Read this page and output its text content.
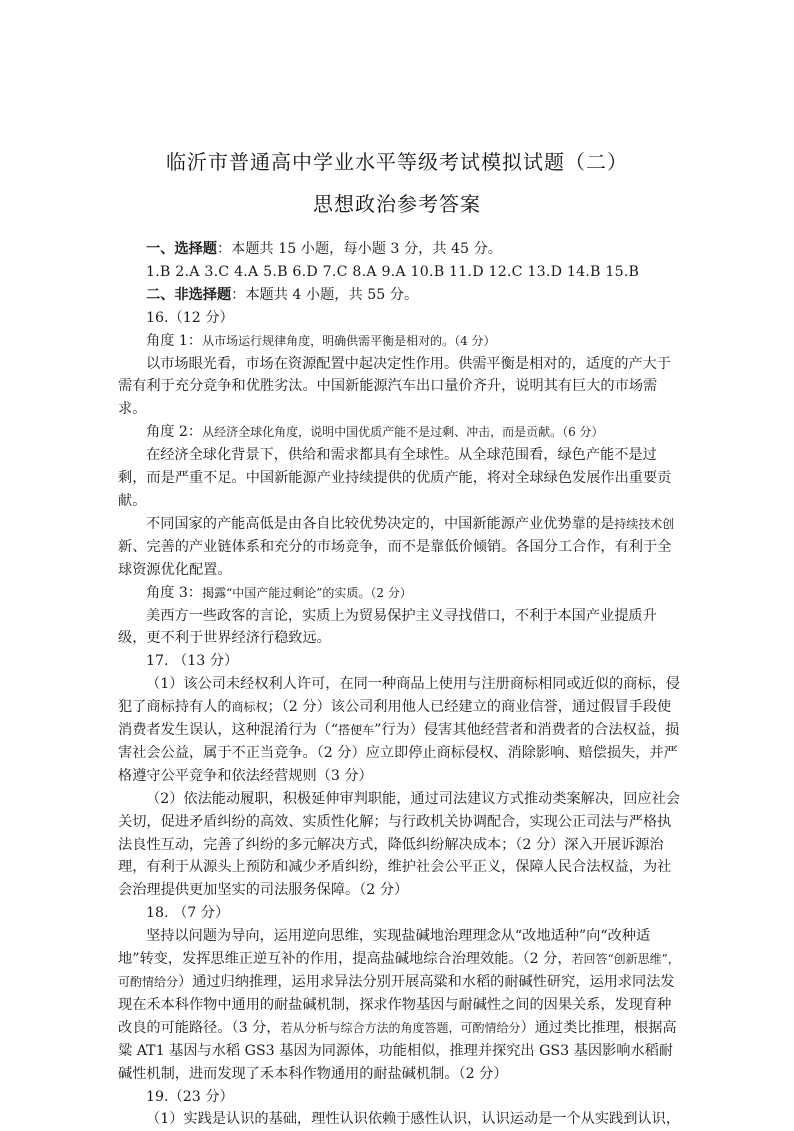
临沂市普通高中学业水平等级考试模拟试题（二）
思想政治参考答案

一、选择题：本题共 15 小题，每小题 3 分，共 45 分。

1.B 2.A 3.C 4.A 5.B 6.D 7.C 8.A 9.A 10.B 11.D 12.C 13.D 14.B 15.B

二、非选择题：本题共 4 小题，共 55 分。

16.（12 分）

角度 1：从市场运行规律角度，明确供需平衡是相对的。（4 分）

以市场眼光看，市场在资源配置中起决定性作用。供需平衡是相对的，适度的产大于需有利于充分竞争和优胜劣汰。中国新能源汽车出口量价齐升，说明其有巨大的市场需求。

角度 2：从经济全球化角度，说明中国优质产能不是过剩、冲击，而是贡献。（6 分）

在经济全球化背景下，供给和需求都具有全球性。从全球范围看，绿色产能不是过剩，而是严重不足。中国新能源产业持续提供的优质产能，将对全球绿色发展作出重要贡献。

不同国家的产能高低是由各自比较优势决定的，中国新能源产业优势靠的是持续技术创新、完善的产业链体系和充分的市场竞争，而不是靠低价倾销。各国分工合作，有利于全球资源优化配置。

角度 3：揭露“中国产能过剩论”的实质。（2 分）

美西方一些政客的言论，实质上为贸易保护主义寻找借口，不利于本国产业提质升级，更不利于世界经济行稳致远。

17. （13 分）

（1）该公司未经权利人许可，在同一种商品上使用与注册商标相同或近似的商标，侵犯了商标持有人的商标权；（2 分）该公司利用他人已经建立的商业信誉，通过假冒手段使消费者发生误认，这种混淆行为（“搭便车”行为）侵害其他经营者和消费者的合法权益，损害社会公益，属于不正当竞争。（2 分）应立即停止商标侵权、消除影响、赔偿损失，并严格遵守公平竞争和依法经营规则（3 分）

（2）依法能动履职，积极延伸审判职能，通过司法建议方式推动类案解决，回应社会关切，促进矛盾纠纷的高效、实质性化解；与行政机关协调配合，实现公正司法与严格执法良性互动，完善了纠纷的多元解决方式，降低纠纷解决成本；（2 分）深入开展诉源治理，有利于从源头上预防和减少矛盾纠纷，维护社会公平正义，保障人民合法权益，为社会治理提供更加坚实的司法服务保障。（2 分）

18. （7 分）

坚持以问题为导向，运用逆向思维，实现盐碱地治理理念从“改地适种”向“改种适地”转变，发挥思维正逆互补的作用，提高盐碱地综合治理效能。（2 分，若回答“创新思维”，可酌情给分）通过归纳推理，运用求异法分别开展高粱和水稻的耐碱性研究，运用求同法发现在禾本科作物中通用的耐盐碱机制，探求作物基因与耐碱性之间的因果关系，发现育种改良的可能路径。（3 分，若从分析与综合方法的角度答题，可酌情给分）通过类比推理，根据高粱 AT1 基因与水稻 GS3 基因为同源体，功能相似，推理并探究出 GS3 基因影响水稻耐碱性机制，进而发现了禾本科作物通用的耐盐碱机制。（2 分）

19.（23 分）

（1）实践是认识的基础，理性认识依赖于感性认识，认识运动是一个从实践到认识，
